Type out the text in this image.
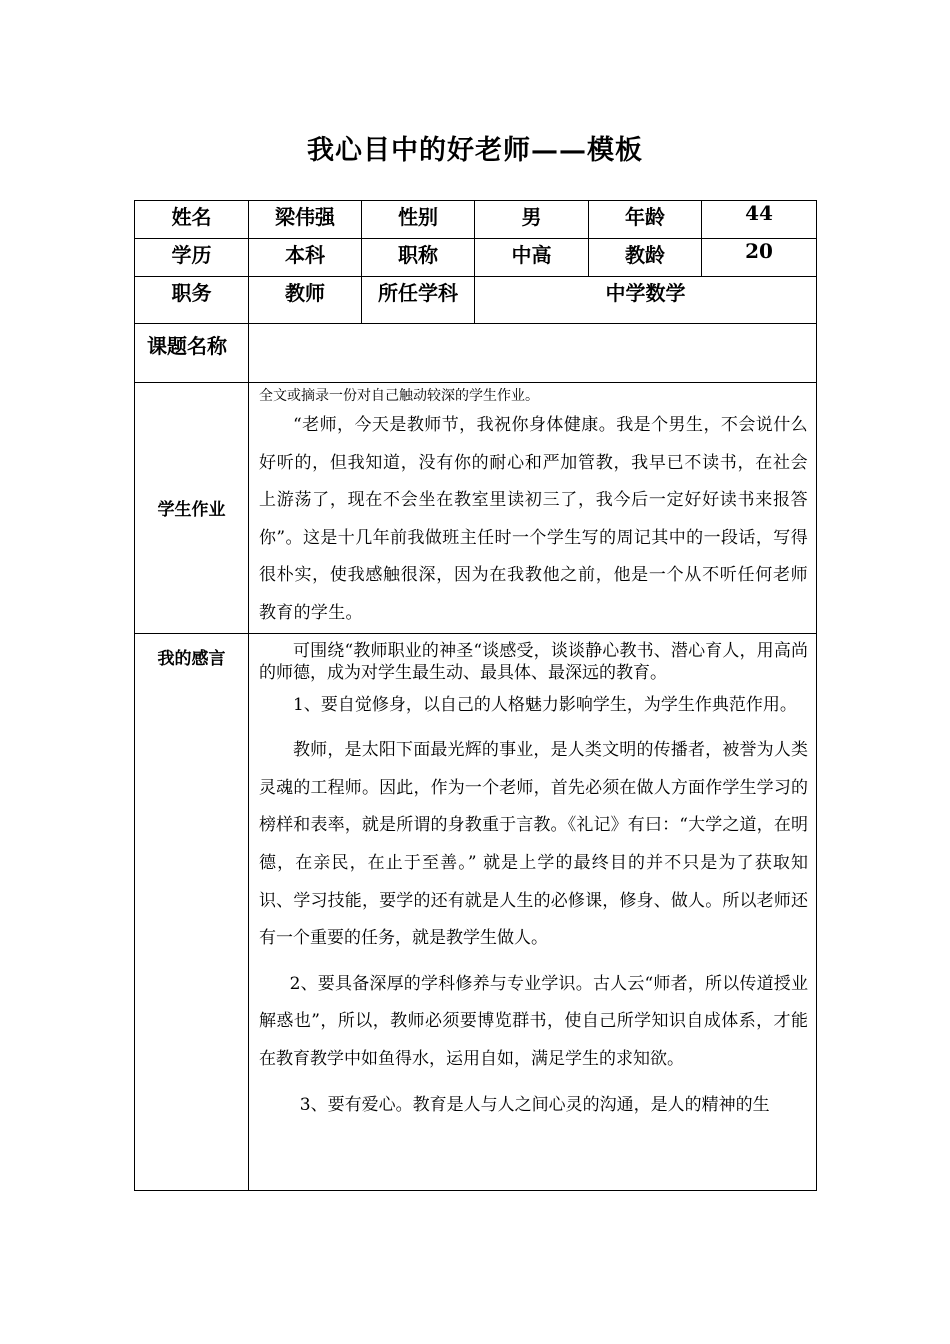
我心目中的好老师——模板
姓名	梁伟强	性别	男	年龄	44
学历	本科	职称	中高	教龄	20
职务	教师	所任学科	中学数学		
课题名称					
学生作业	全文或摘录一份对自己触动较深的学生作业。
“老师，今天是教师节，我祝你身体健康。我是个男生，不会说什么好听的，但我知道，没有你的耐心和严加管教，我早已不读书，在社会上游荡了，现在不会坐在教室里读初三了，我今后一定好好读书来报答你”。这是十几年前我做班主任时一个学生写的周记其中的一段话，写得很朴实，使我感触很深，因为在我教他之前，他是一个从不听任何老师教育的学生。				

我的感言	可围绕“教师职业的神圣“谈感受，谈谈静心教书、潜心育人，用高尚的师德，成为对学生最生动、最具体、最深远的教育。

1、要自觉修身，以自己的人格魅力影响学生，为学生作典范作用。

教师，是太阳下面最光辉的事业，是人类文明的传播者，被誉为人类灵魂的工程师。因此，作为一个老师，首先必须在做人方面作学生学习的榜样和表率，就是所谓的身教重于言教。《礼记》有曰：“大学之道，在明德，在亲民，在止于至善。” 就是上学的最终目的并不只是为了获取知识、学习技能，要学的还有就是人生的必修课，修身、做人。所以老师还有一个重要的任务，就是教学生做人。

2、要具备深厚的学科修养与专业学识。古人云“师者，所以传道授业解惑也”，所以，教师必须要博览群书，使自己所学知识自成体系，才能在教育教学中如鱼得水，运用自如，满足学生的求知欲。

3、要有爱心。教育是人与人之间心灵的沟通，是人的精神的生				
